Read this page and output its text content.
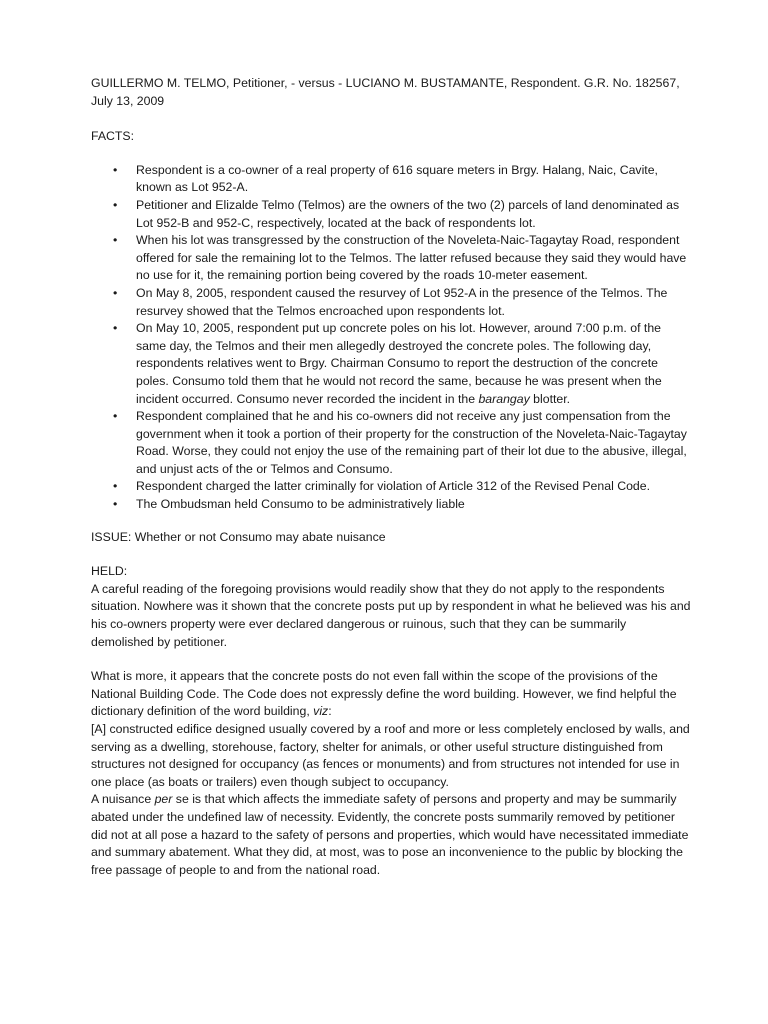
GUILLERMO M. TELMO, Petitioner, - versus - LUCIANO M. BUSTAMANTE, Respondent. G.R. No. 182567, July 13, 2009

FACTS:

• Respondent is a co-owner of a real property of 616 square meters in Brgy. Halang, Naic, Cavite, known as Lot 952-A.
• Petitioner and Elizalde Telmo (Telmos) are the owners of the two (2) parcels of land denominated as Lot 952-B and 952-C, respectively, located at the back of respondents lot.
• When his lot was transgressed by the construction of the Noveleta-Naic-Tagaytay Road, respondent offered for sale the remaining lot to the Telmos. The latter refused because they said they would have no use for it, the remaining portion being covered by the roads 10-meter easement.
• On May 8, 2005, respondent caused the resurvey of Lot 952-A in the presence of the Telmos. The resurvey showed that the Telmos encroached upon respondents lot.
• On May 10, 2005, respondent put up concrete poles on his lot. However, around 7:00 p.m. of the same day, the Telmos and their men allegedly destroyed the concrete poles. The following day, respondents relatives went to Brgy. Chairman Consumo to report the destruction of the concrete poles. Consumo told them that he would not record the same, because he was present when the incident occurred. Consumo never recorded the incident in the barangay blotter.
• Respondent complained that he and his co-owners did not receive any just compensation from the government when it took a portion of their property for the construction of the Noveleta-Naic-Tagaytay Road. Worse, they could not enjoy the use of the remaining part of their lot due to the abusive, illegal, and unjust acts of the or Telmos and Consumo.
• Respondent charged the latter criminally for violation of Article 312 of the Revised Penal Code.
• The Ombudsman held Consumo to be administratively liable

ISSUE: Whether or not Consumo may abate nuisance

HELD:

A careful reading of the foregoing provisions would readily show that they do not apply to the respondents situation. Nowhere was it shown that the concrete posts put up by respondent in what he believed was his and his co-owners property were ever declared dangerous or ruinous, such that they can be summarily demolished by petitioner.

What is more, it appears that the concrete posts do not even fall within the scope of the provisions of the National Building Code. The Code does not expressly define the word building. However, we find helpful the dictionary definition of the word building, viz:

[A] constructed edifice designed usually covered by a roof and more or less completely enclosed by walls, and serving as a dwelling, storehouse, factory, shelter for animals, or other useful structure distinguished from structures not designed for occupancy (as fences or monuments) and from structures not intended for use in one place (as boats or trailers) even though subject to occupancy.

A nuisance per se is that which affects the immediate safety of persons and property and may be summarily abated under the undefined law of necessity. Evidently, the concrete posts summarily removed by petitioner did not at all pose a hazard to the safety of persons and properties, which would have necessitated immediate and summary abatement. What they did, at most, was to pose an inconvenience to the public by blocking the free passage of people to and from the national road.
